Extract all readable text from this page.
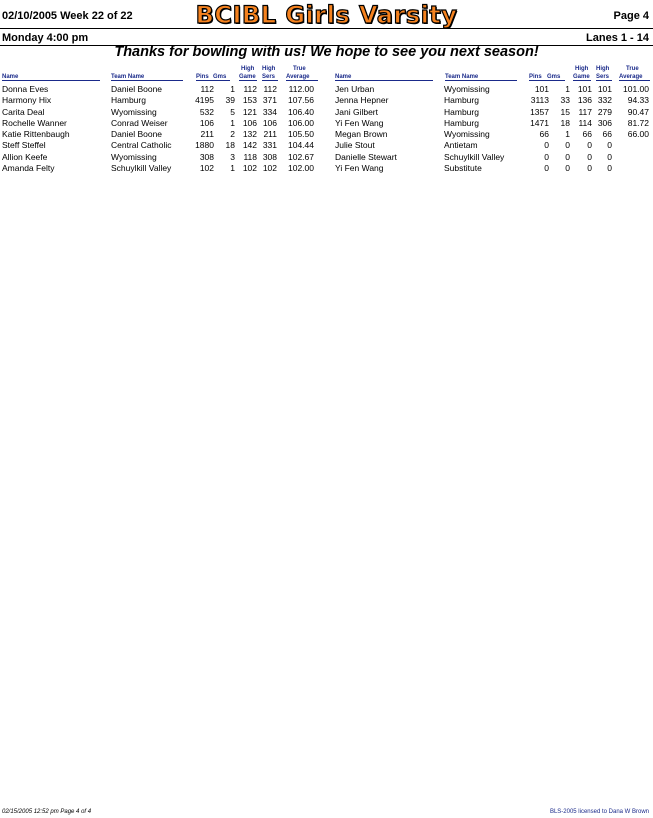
02/10/2005 Week 22 of 22	BCIBL Girls Varsity	Page 4
Monday 4:00 pm	Lanes 1 - 14
Thanks for bowling with us! We hope to see you next season!
Name	Team Name	Pins Gms
High
Game
High
Sers
True
Average	Name	Team Name	Pins Gms
High
Game
High
Sers
True
Average
Donna Eves	Daniel Boone	112	1 112 112	112.00
Harmony Hix	Hamburg	4195	39 153 371	107.56
Carita Deal	Wyomissing	532	5 121 334	106.40
Rochelle Wanner	Conrad Weiser	106	1 106 106	106.00
Katie Rittenbaugh	Daniel Boone	211	2 132 211	105.50
Steff Steffel	Central Catholic	1880	18 142 331	104.44
Allion Keefe	Wyomissing	308	3 118 308	102.67
Amanda Felty	Schuylkill Valley	102	1 102 102	102.00
Jen Urban	Wyomissing	101	1 101 101	101.00
Jenna Hepner	Hamburg	3113	33 136 332	94.33
Jani Gilbert	Hamburg	1357	15 117 279	90.47
Yi Fen Wang	Hamburg	1471	18 114 306	81.72
Megan Brown	Wyomissing	66	1	66	66	66.00
Julie Stout	Antietam	0	0	0	0
Danielle Stewart	Schuylkill Valley	0	0	0	0
Yi Fen Wang	Substitute	0	0	0	0
02/15/2005 12:52 pm Page 4 of 4	BLS-2005 licensed to Dana W Brown
